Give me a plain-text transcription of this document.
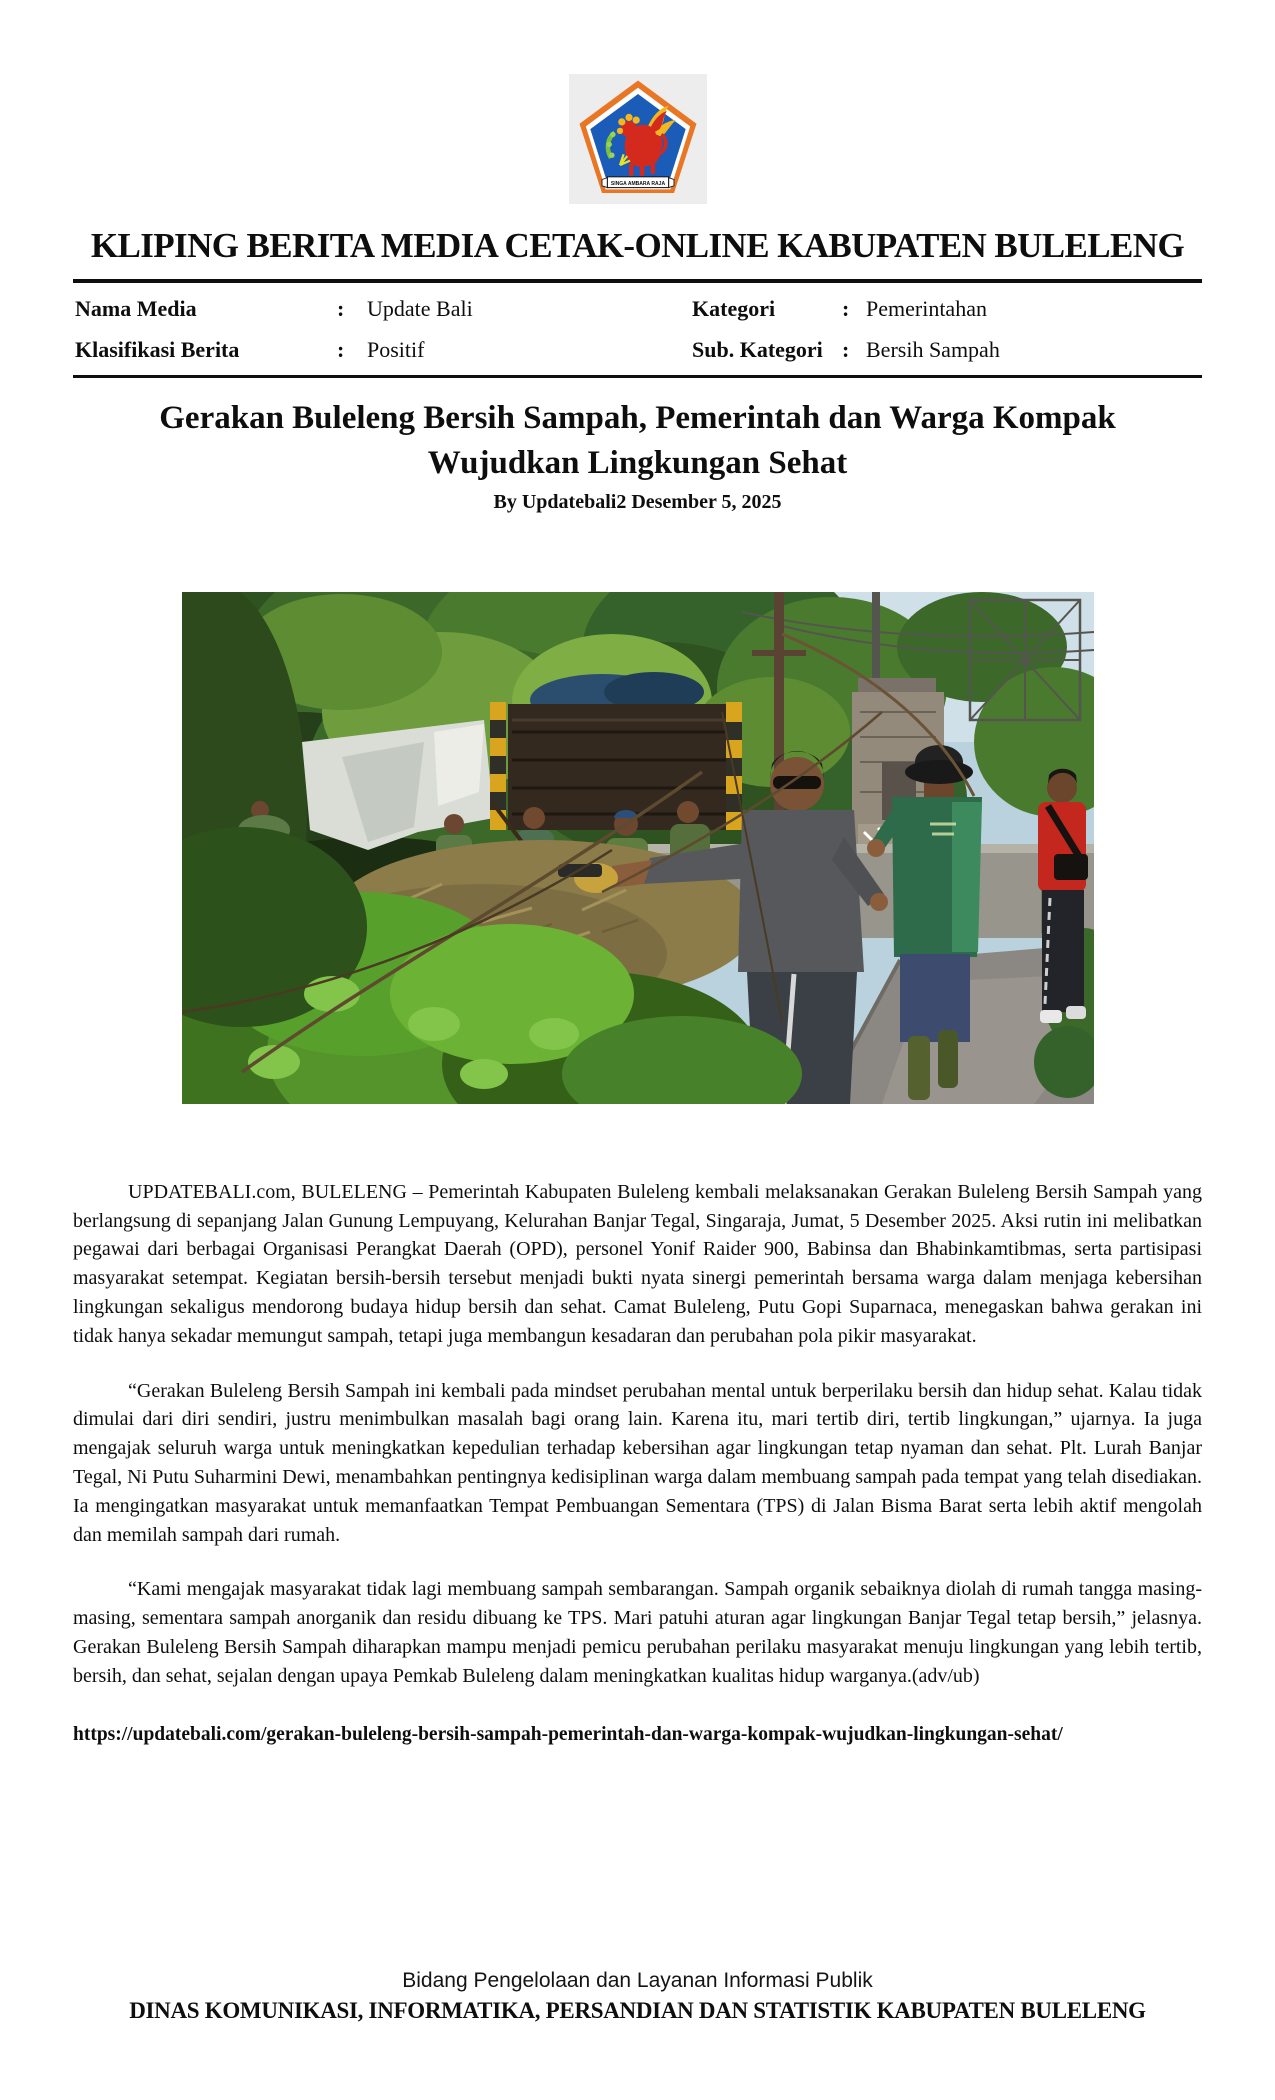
SINGA AMBARA RAJA
KLIPING BERITA MEDIA CETAK-ONLINE KABUPATEN BULELENG
Nama Media	:	Update Bali	Kategori	: Pemerintahan
Klasifikasi Berita	:	Positif	Sub. Kategori : Bersih Sampah
Gerakan Buleleng Bersih Sampah, Pemerintah dan Warga Kompak
Wujudkan Lingkungan Sehat
By Updatebali2 Desember 5, 2025

UPDATEBALI.com, BULELENG – Pemerintah Kabupaten Buleleng kembali melaksanakan Gerakan Buleleng Bersih Sampah yang berlangsung di sepanjang Jalan Gunung Lempuyang, Kelurahan Banjar Tegal, Singaraja, Jumat, 5 Desember 2025. Aksi rutin ini melibatkan pegawai dari berbagai Organisasi Perangkat Daerah (OPD), personel Yonif Raider 900, Babinsa dan Bhabinkamtibmas, serta partisipasi masyarakat setempat. Kegiatan bersih-bersih tersebut menjadi bukti nyata sinergi pemerintah bersama warga dalam menjaga kebersihan lingkungan sekaligus mendorong budaya hidup bersih dan sehat. Camat Buleleng, Putu Gopi Suparnaca, menegaskan bahwa gerakan ini tidak hanya sekadar memungut sampah, tetapi juga membangun kesadaran dan perubahan pola pikir masyarakat.

“Gerakan Buleleng Bersih Sampah ini kembali pada mindset perubahan mental untuk berperilaku bersih dan hidup sehat. Kalau tidak dimulai dari diri sendiri, justru menimbulkan masalah bagi orang lain. Karena itu, mari tertib diri, tertib lingkungan,” ujarnya. Ia juga mengajak seluruh warga untuk meningkatkan kepedulian terhadap kebersihan agar lingkungan tetap nyaman dan sehat. Plt. Lurah Banjar Tegal, Ni Putu Suharmini Dewi, menambahkan pentingnya kedisiplinan warga dalam membuang sampah pada tempat yang telah disediakan. Ia mengingatkan masyarakat untuk memanfaatkan Tempat Pembuangan Sementara (TPS) di Jalan Bisma Barat serta lebih aktif mengolah dan memilah sampah dari rumah.

“Kami mengajak masyarakat tidak lagi membuang sampah sembarangan. Sampah organik sebaiknya diolah di rumah tangga masing-masing, sementara sampah anorganik dan residu dibuang ke TPS. Mari patuhi aturan agar lingkungan Banjar Tegal tetap bersih,” jelasnya. Gerakan Buleleng Bersih Sampah diharapkan mampu menjadi pemicu perubahan perilaku masyarakat menuju lingkungan yang lebih tertib, bersih, dan sehat, sejalan dengan upaya Pemkab Buleleng dalam meningkatkan kualitas hidup warganya.(adv/ub)

https://updatebali.com/gerakan-buleleng-bersih-sampah-pemerintah-dan-warga-kompak-wujudkan-lingkungan-sehat/
Bidang Pengelolaan dan Layanan Informasi Publik
DINAS KOMUNIKASI, INFORMATIKA, PERSANDIAN DAN STATISTIK KABUPATEN BULELENG
